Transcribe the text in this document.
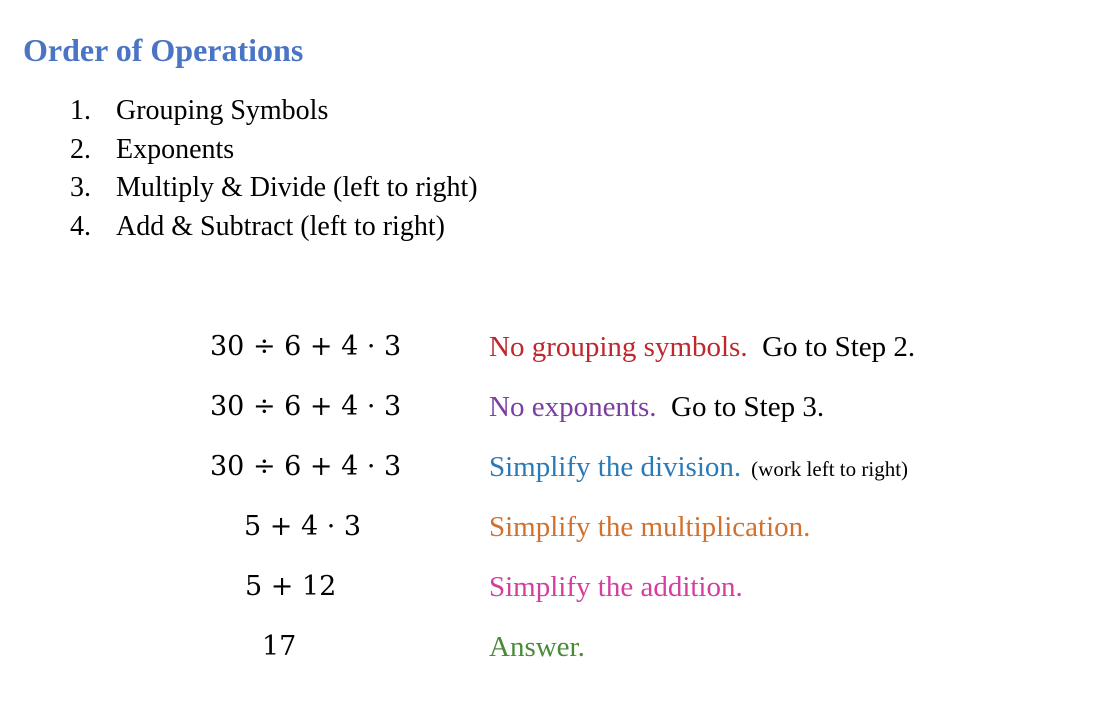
Order of Operations
1. Grouping Symbols
2. Exponents
3. Multiply & Divide (left to right)
4. Add & Subtract (left to right)
30 ÷ 6 + 4 · 3	No grouping symbols. Go to Step 2.
30 ÷ 6 + 4 · 3	No exponents. Go to Step 3.
30 ÷ 6 + 4 · 3	Simplify the division. (work left to right)
5 + 4 · 3	Simplify the multiplication.
5 + 12	Simplify the addition.
17	Answer.
